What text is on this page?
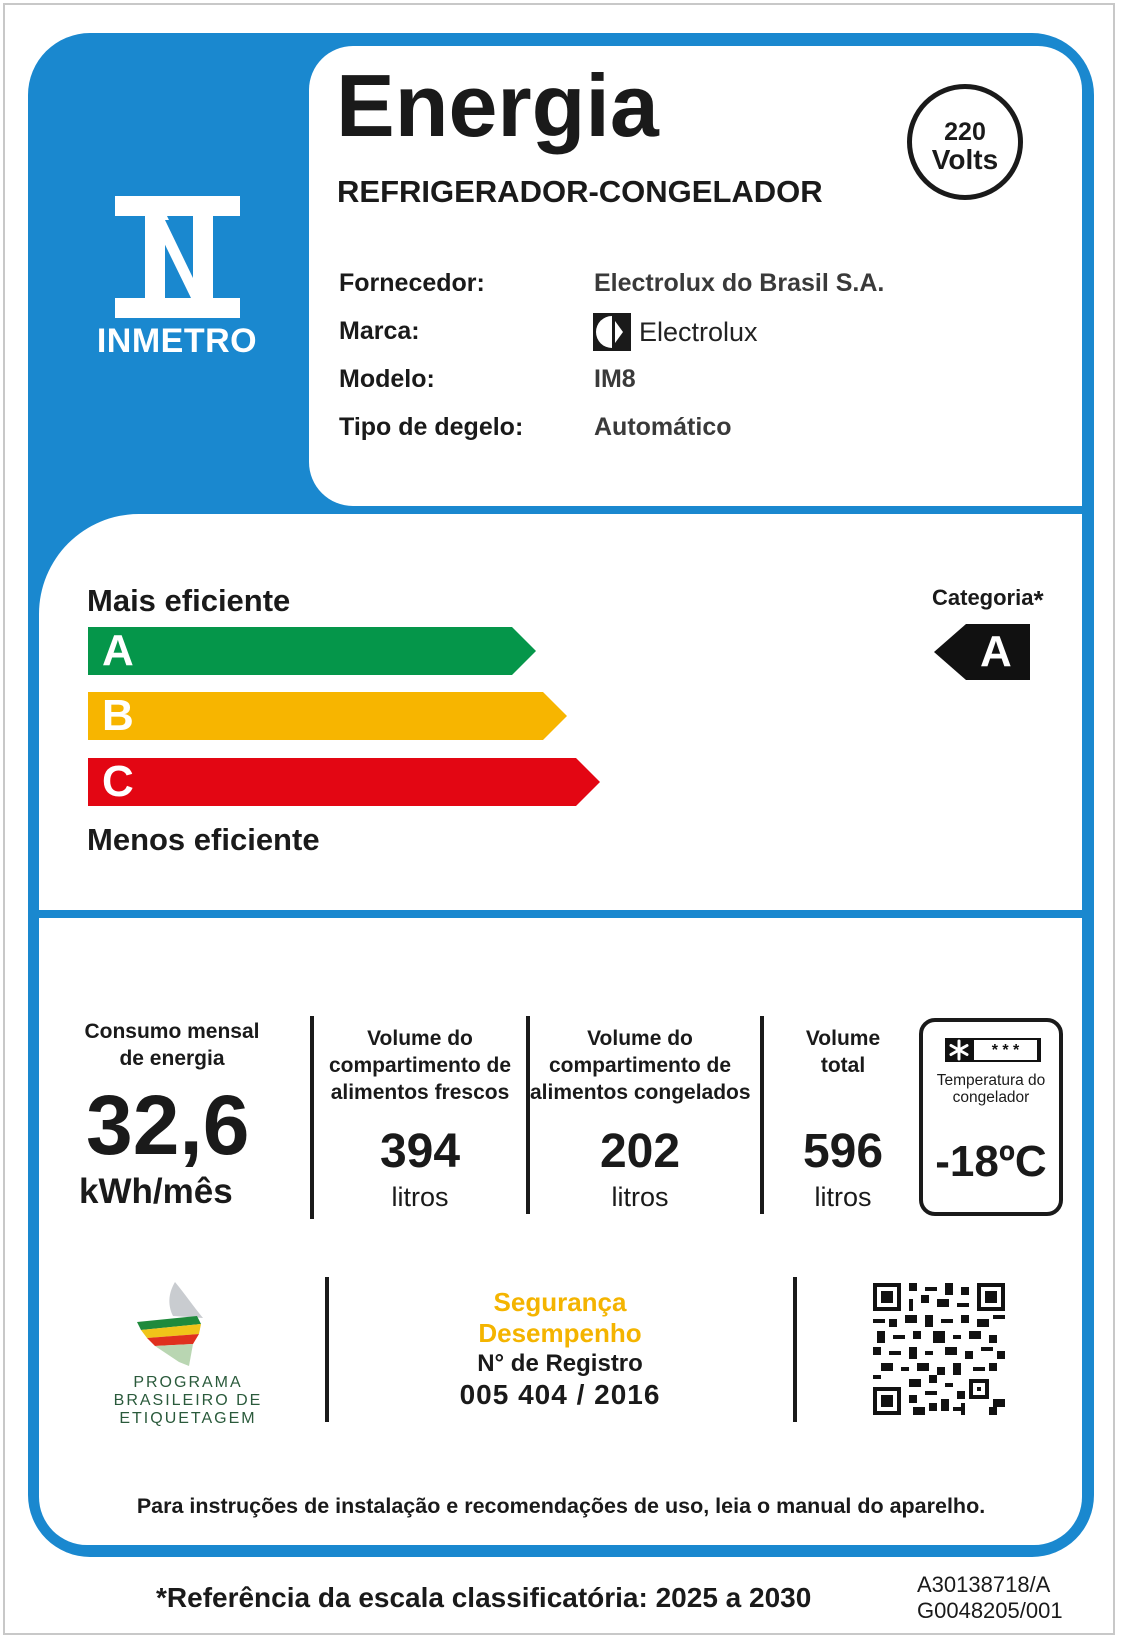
INMETRO
Energia
REFRIGERADOR-CONGELADOR
220
Volts
Fornecedor:	Electrolux do Brasil S.A.
Marca:	Electrolux
Modelo:	IM8
Tipo de degelo:	Automático
Mais eficiente
A
B
C
Menos eficiente
Categoria*
A
Consumo mensal
de energia
32,6
kWh/mês
Volume do
compartimento de
alimentos frescos
394
litros
Volume do
compartimento de
alimentos congelados
202
litros
Volume
total
596
litros
* * *
Temperatura do
congelador
-18ºC
PROGRAMA
BRASILEIRO DE
ETIQUETAGEM
Segurança
Desempenho
N° de Registro
005 404 / 2016
Para instruções de instalação e recomendações de uso, leia o manual do aparelho.
*Referência da escala classificatória: 2025 a 2030	A30138718/A
G0048205/001
